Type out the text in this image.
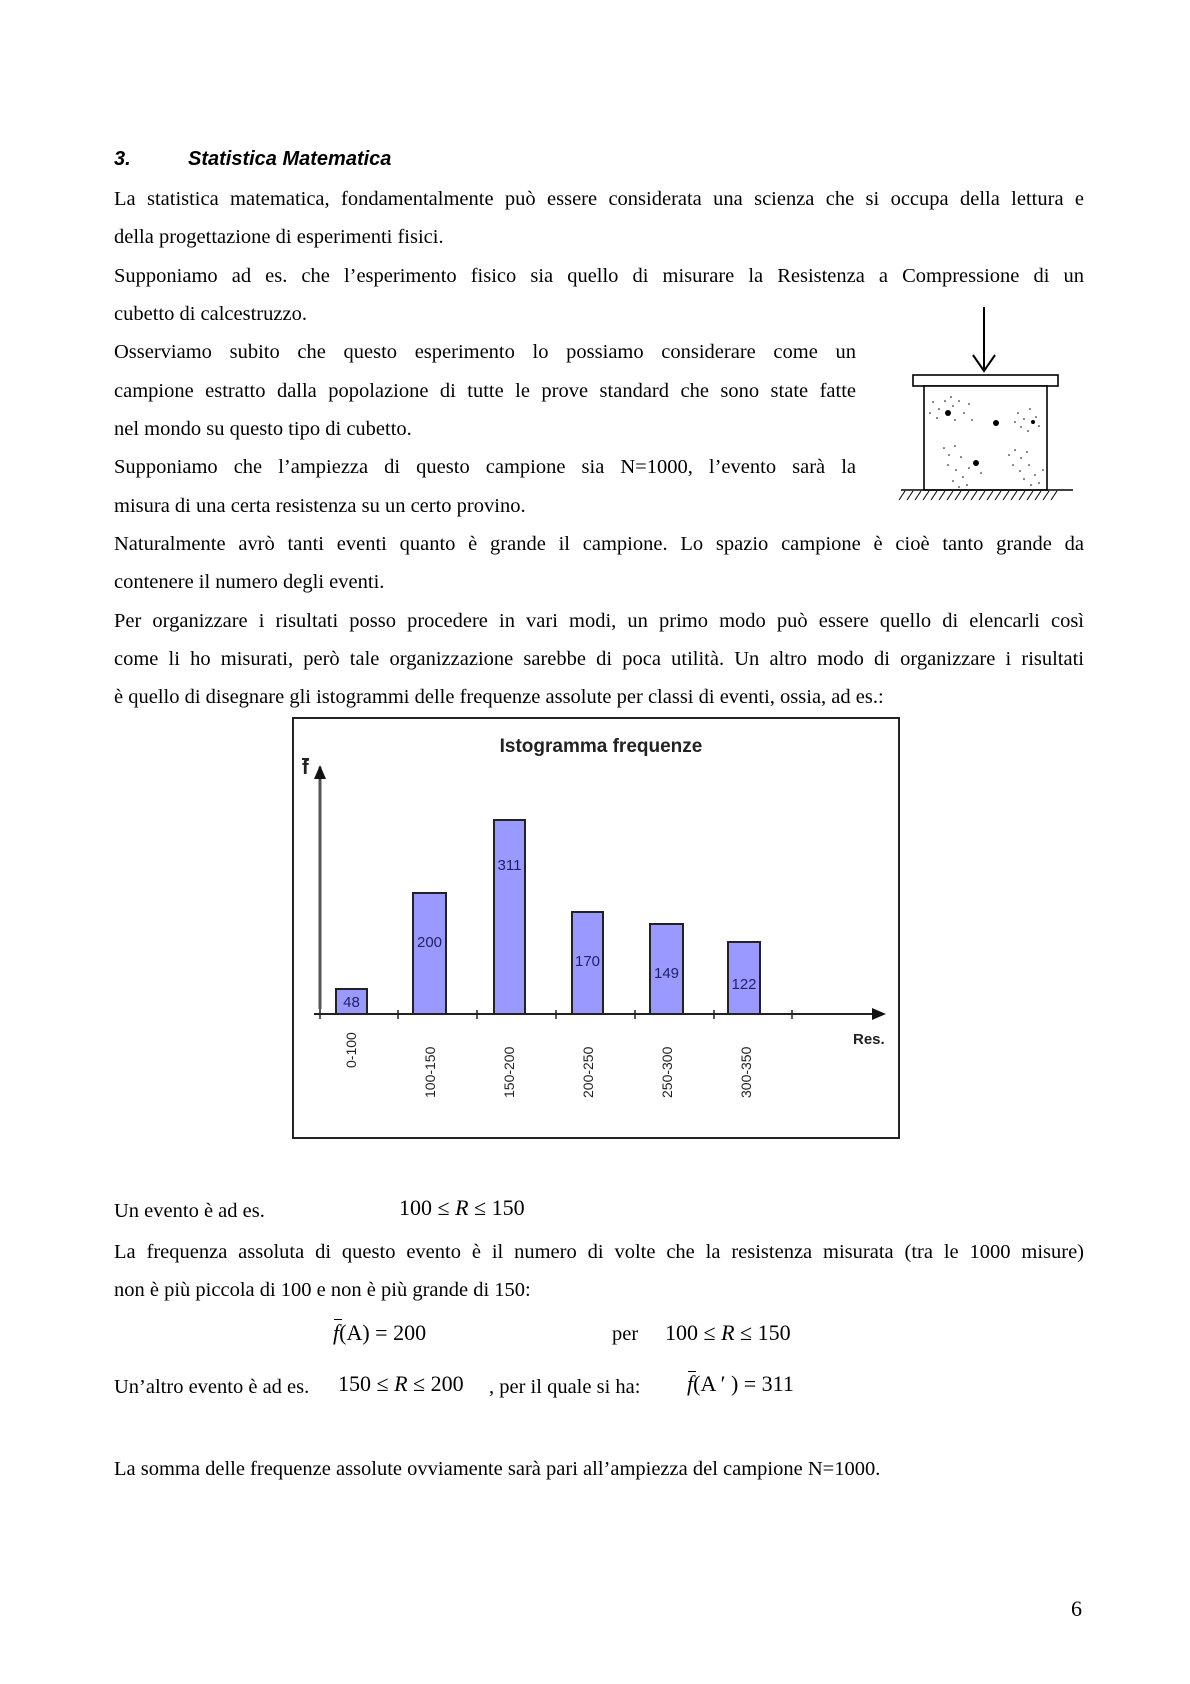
3.	Statistica Matematica
La statistica matematica, fondamentalmente può essere considerata una scienza che si occupa della lettura e
della progettazione di esperimenti fisici.
Supponiamo ad es. che l’esperimento fisico sia quello di misurare la Resistenza a Compressione di un
cubetto di calcestruzzo.
Osserviamo subito che questo esperimento lo possiamo considerare come un
campione estratto dalla popolazione di tutte le prove standard che sono state fatte
nel mondo su questo tipo di cubetto.
Supponiamo che l’ampiezza di questo campione sia N=1000, l’evento sarà la
misura di una certa resistenza su un certo provino.
Naturalmente avrò tanti eventi quanto è grande il campione. Lo spazio campione è cioè tanto grande da
contenere il numero degli eventi.
Per organizzare i risultati posso procedere in vari modi, un primo modo può essere quello di elencarli così
come li ho misurati, però tale organizzazione sarebbe di poca utilità. Un altro modo di organizzare i risultati
è quello di disegnare gli istogrammi delle frequenze assolute per classi di eventi, ossia, ad es.:
Istogramma frequenze
f
48
200
311
170
149
122
0-100	100-150	150-200	200-250	250-300	300-350
Res.
Un evento è ad es.	100 ≤ R ≤ 150
La frequenza assoluta di questo evento è il numero di volte che la resistenza misurata (tra le 1000 misure)
non è più piccola di 100 e non è più grande di 150:
f(A) = 200	per 100 ≤ R ≤ 150
Un’altro evento è ad es. 150 ≤ R ≤ 200 , per il quale si ha: f(A ′ ) = 311
La somma delle frequenze assolute ovviamente sarà pari all’ampiezza del campione N=1000.
6
